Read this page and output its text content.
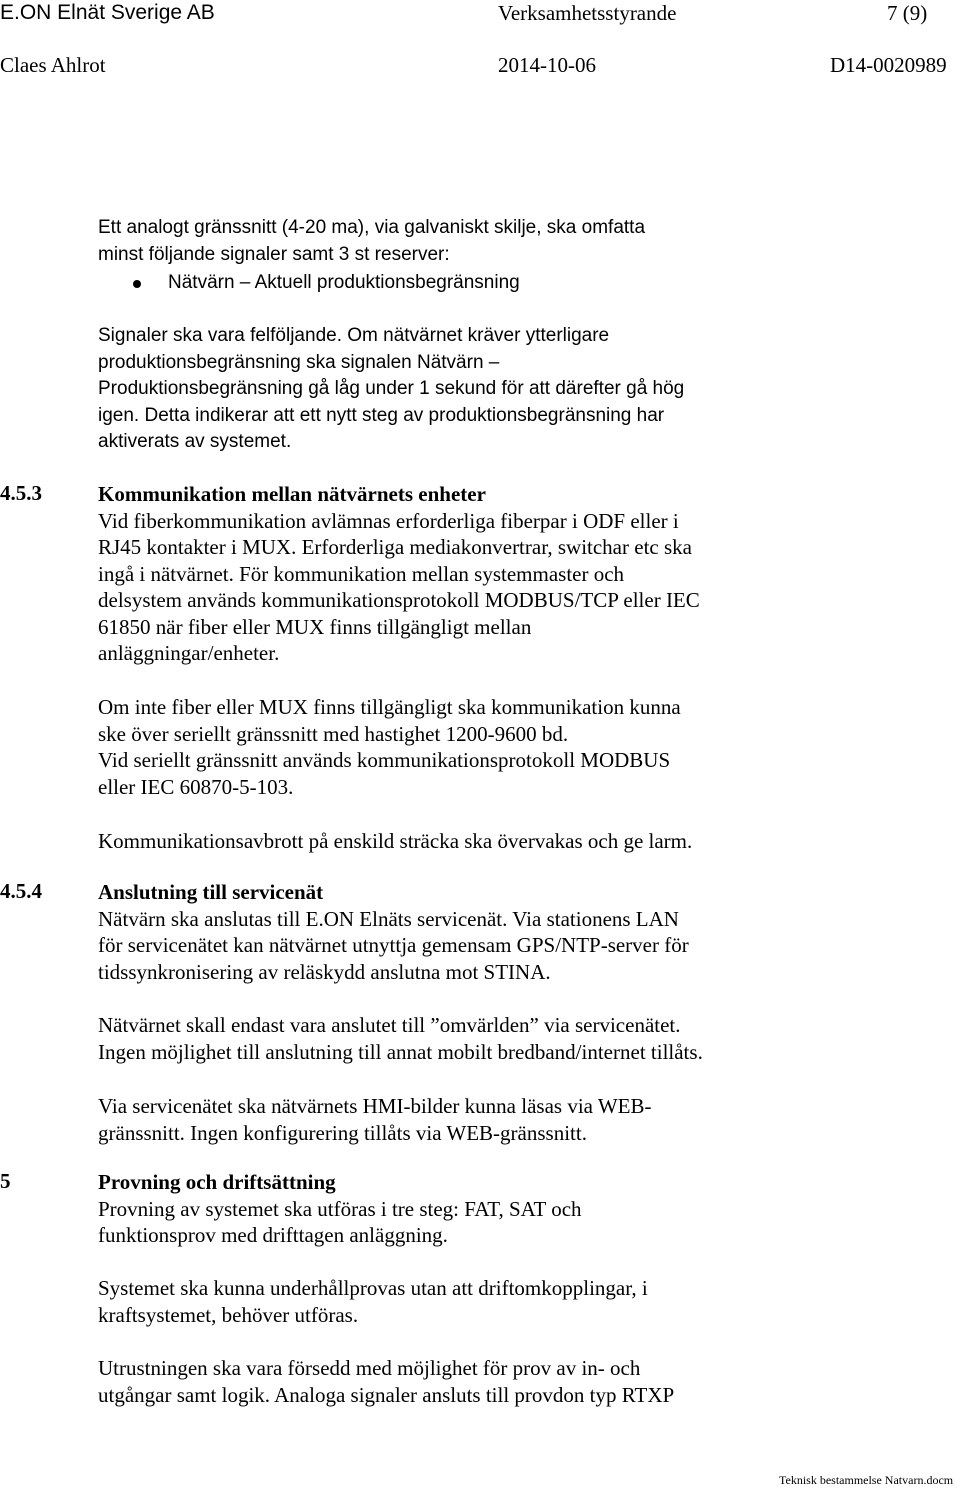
E.ON Elnät Sverige AB	Verksamhetsstyrande	7 (9)
Claes Ahlrot	2014-10-06	D14-0020989
Ett analogt gränssnitt (4-20 ma), via galvaniskt skilje, ska omfatta
minst följande signaler samt 3 st reserver:
Nätvärn – Aktuell produktionsbegränsning
Signaler ska vara felföljande. Om nätvärnet kräver ytterligare
produktionsbegränsning ska signalen Nätvärn –
Produktionsbegränsning gå låg under 1 sekund för att därefter gå hög
igen. Detta indikerar att ett nytt steg av produktionsbegränsning har
aktiverats av systemet.
4.5.3	Kommunikation mellan nätvärnets enheter
Vid fiberkommunikation avlämnas erforderliga fiberpar i ODF eller i
RJ45 kontakter i MUX. Erforderliga mediakonvertrar, switchar etc ska
ingå i nätvärnet. För kommunikation mellan systemmaster och
delsystem används kommunikationsprotokoll MODBUS/TCP eller IEC
61850 när fiber eller MUX finns tillgängligt mellan
anläggningar/enheter.
Om inte fiber eller MUX finns tillgängligt ska kommunikation kunna
ske över seriellt gränssnitt med hastighet 1200-9600 bd.
Vid seriellt gränssnitt används kommunikationsprotokoll MODBUS
eller IEC 60870-5-103.
Kommunikationsavbrott på enskild sträcka ska övervakas och ge larm.
4.5.4	Anslutning till servicenät
Nätvärn ska anslutas till E.ON Elnäts servicenät. Via stationens LAN
för servicenätet kan nätvärnet utnyttja gemensam GPS/NTP-server för
tidssynkronisering av reläskydd anslutna mot STINA.
Nätvärnet skall endast vara anslutet till ”omvärlden” via servicenätet.
Ingen möjlighet till anslutning till annat mobilt bredband/internet tillåts.
Via servicenätet ska nätvärnets HMI-bilder kunna läsas via WEB-
gränssnitt. Ingen konfigurering tillåts via WEB-gränssnitt.
5	Provning och driftsättning
Provning av systemet ska utföras i tre steg: FAT, SAT och
funktionsprov med drifttagen anläggning.
Systemet ska kunna underhållprovas utan att driftomkopplingar, i
kraftsystemet, behöver utföras.
Utrustningen ska vara försedd med möjlighet för prov av in- och
utgångar samt logik. Analoga signaler ansluts till provdon typ RTXP
Teknisk bestammelse Natvarn.docm
